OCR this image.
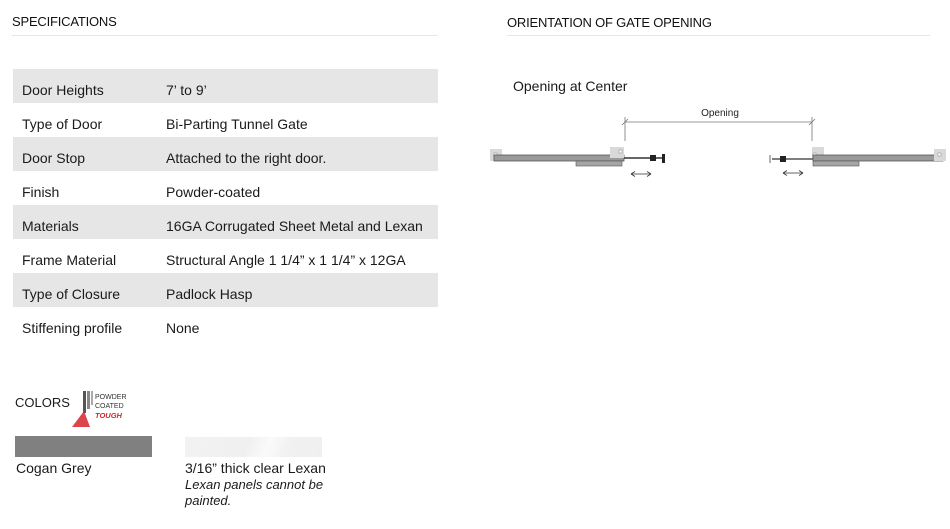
SPECIFICATIONS
Door Heights	7’ to 9’
Type of Door	Bi-Parting Tunnel Gate
Door Stop	Attached to the right door.
Finish	Powder-coated
Materials	16GA Corrugated Sheet Metal and Lexan
Frame Material	Structural Angle 1 1/4” x 1 1/4” x 12GA
Type of Closure	Padlock Hasp
Stiffening profile	None
ORIENTATION OF GATE OPENING
Opening at Center
Opening
COLORS	POWDER
COATED
TOUGH
Cogan Grey	3/16” thick clear Lexan
Lexan panels cannot be painted.
